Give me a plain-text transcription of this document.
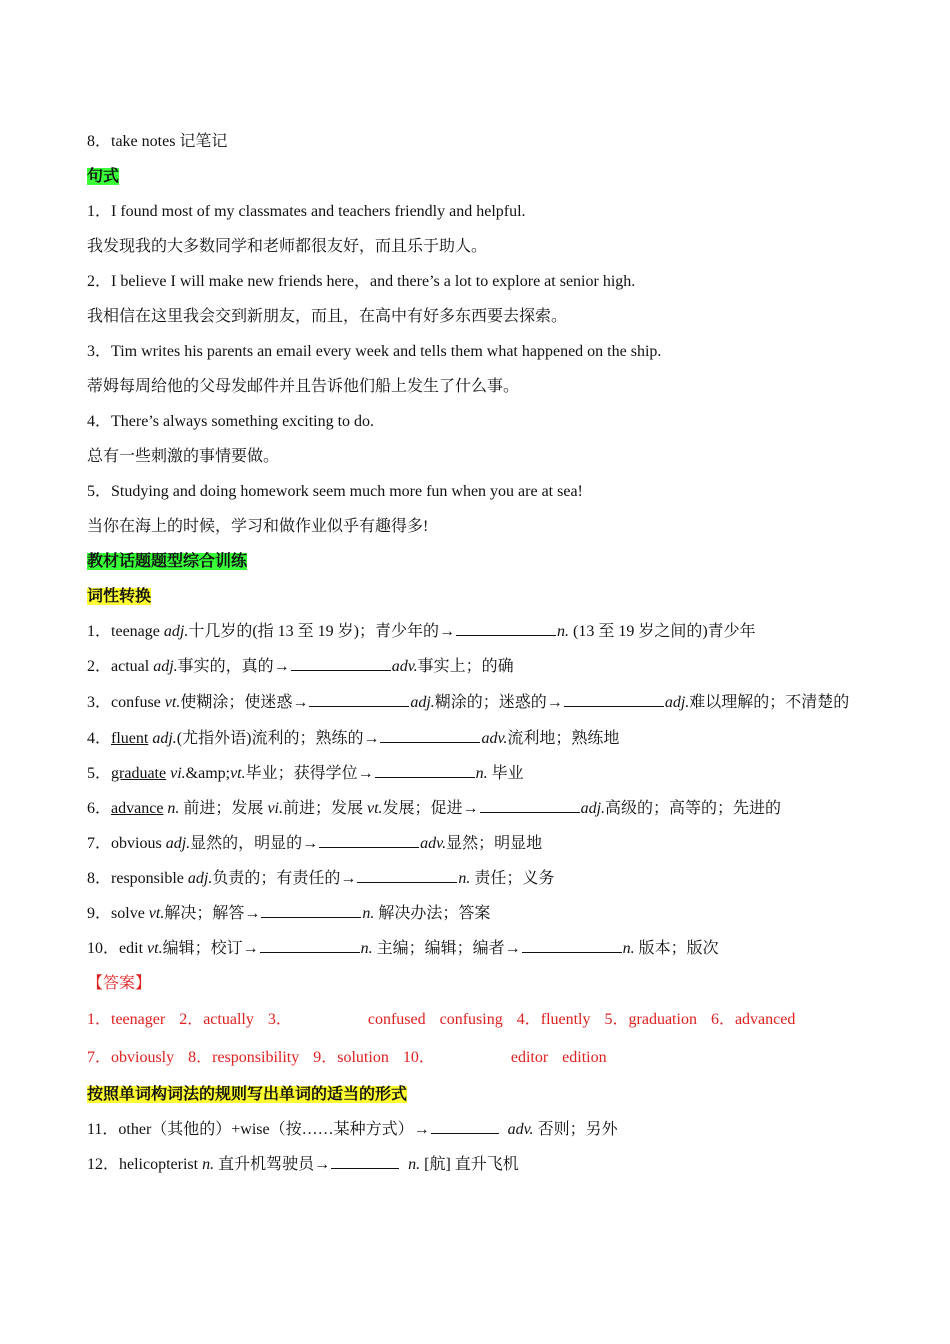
8．take notes 记笔记
句式
1．I found most of my classmates and teachers friendly and helpful.
我发现我的大多数同学和老师都很友好，而且乐于助人。
2．I believe I will make new friends here，and there’s a lot to explore at senior high.
我相信在这里我会交到新朋友，而且，在高中有好多东西要去探索。
3．Tim writes his parents an email every week and tells them what happened on the ship.
蒂姆每周给他的父母发邮件并且告诉他们船上发生了什么事。
4．There’s always something exciting to do.
总有一些刺激的事情要做。
5．Studying and doing homework seem much more fun when you are at sea!
当你在海上的时候，学习和做作业似乎有趣得多!
教材话题题型综合训练
词性转换
1．teenage adj.十几岁的(指 13 至 19 岁)；青少年的→	n. (13 至 19 岁之间的)青少年
2．actual adj.事实的，真的→	adv.事实上；的确
3．confuse vt.使糊涂；使迷惑→	adj.糊涂的；迷惑的→	adj.难以理解的；不清楚的
4．fluent adj.(尤指外语)流利的；熟练的→	adv.流利地；熟练地
5．graduate vi.&amp;vt.毕业；获得学位→	n. 毕业
6．advance n. 前进；发展 vi.前进；发展 vt.发展；促进→	adj.高级的；高等的；先进的
7．obvious adj.显然的，明显的→	adv.显然；明显地
8．responsible adj.负责的；有责任的→	n. 责任；义务
9．solve vt.解决；解答→	n. 解决办法；答案
10．edit vt.编辑；校订→	n. 主编；编辑；编者→	n. 版本；版次
【答案】
1．teenager 2．actually 3．	confused confusing 4．fluently 5．graduation 6．advanced
7．obviously 8．responsibility 9．solution 10．	editor edition
按照单词构词法的规则写出单词的适当的形式
11．other（其他的）+wise（按……某种方式）→	adv. 否则；另外
12．helicopterist n. 直升机驾驶员→	n. [航] 直升飞机
